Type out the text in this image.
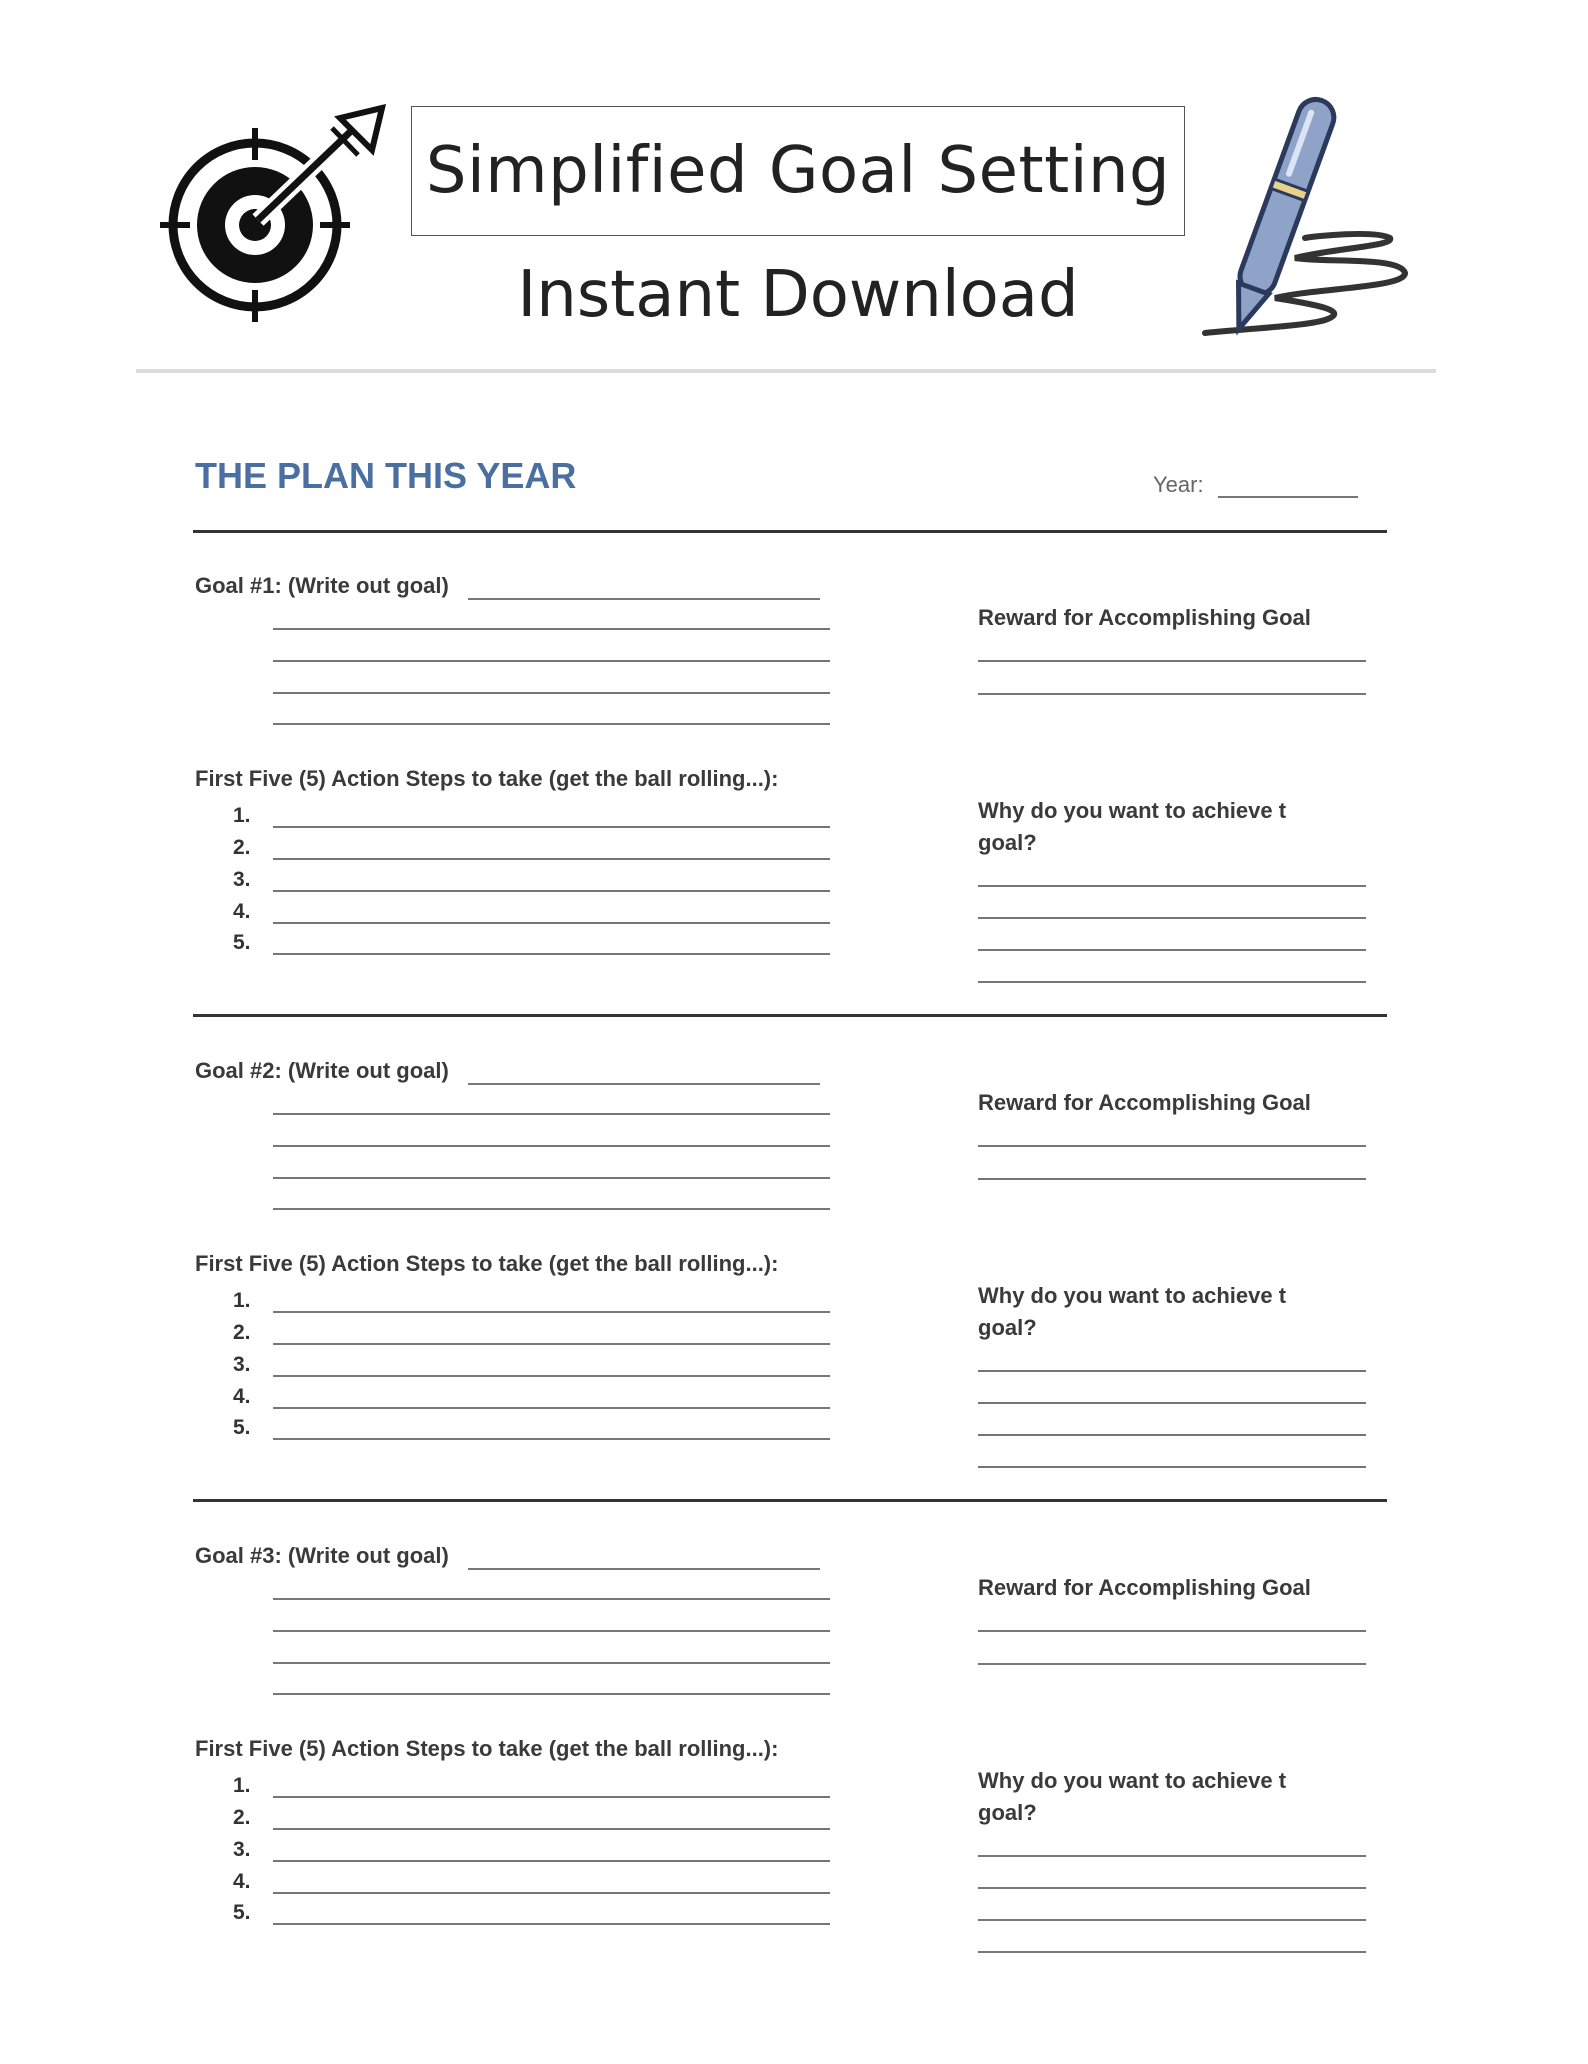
Simplified Goal Setting
Instant Download
THE PLAN THIS YEAR	Year:
Goal #1: (Write out goal)
Reward for Accomplishing Goal
First Five (5) Action Steps to take (get the ball rolling...):
1.
2.
3.
4.
5.
Why do you want to achieve t
goal?
Goal #2: (Write out goal)
Reward for Accomplishing Goal
First Five (5) Action Steps to take (get the ball rolling...):
1.
2.
3.
4.
5.
Why do you want to achieve t
goal?
Goal #3: (Write out goal)
Reward for Accomplishing Goal
First Five (5) Action Steps to take (get the ball rolling...):
1.
2.
3.
4.
5.
Why do you want to achieve t
goal?
